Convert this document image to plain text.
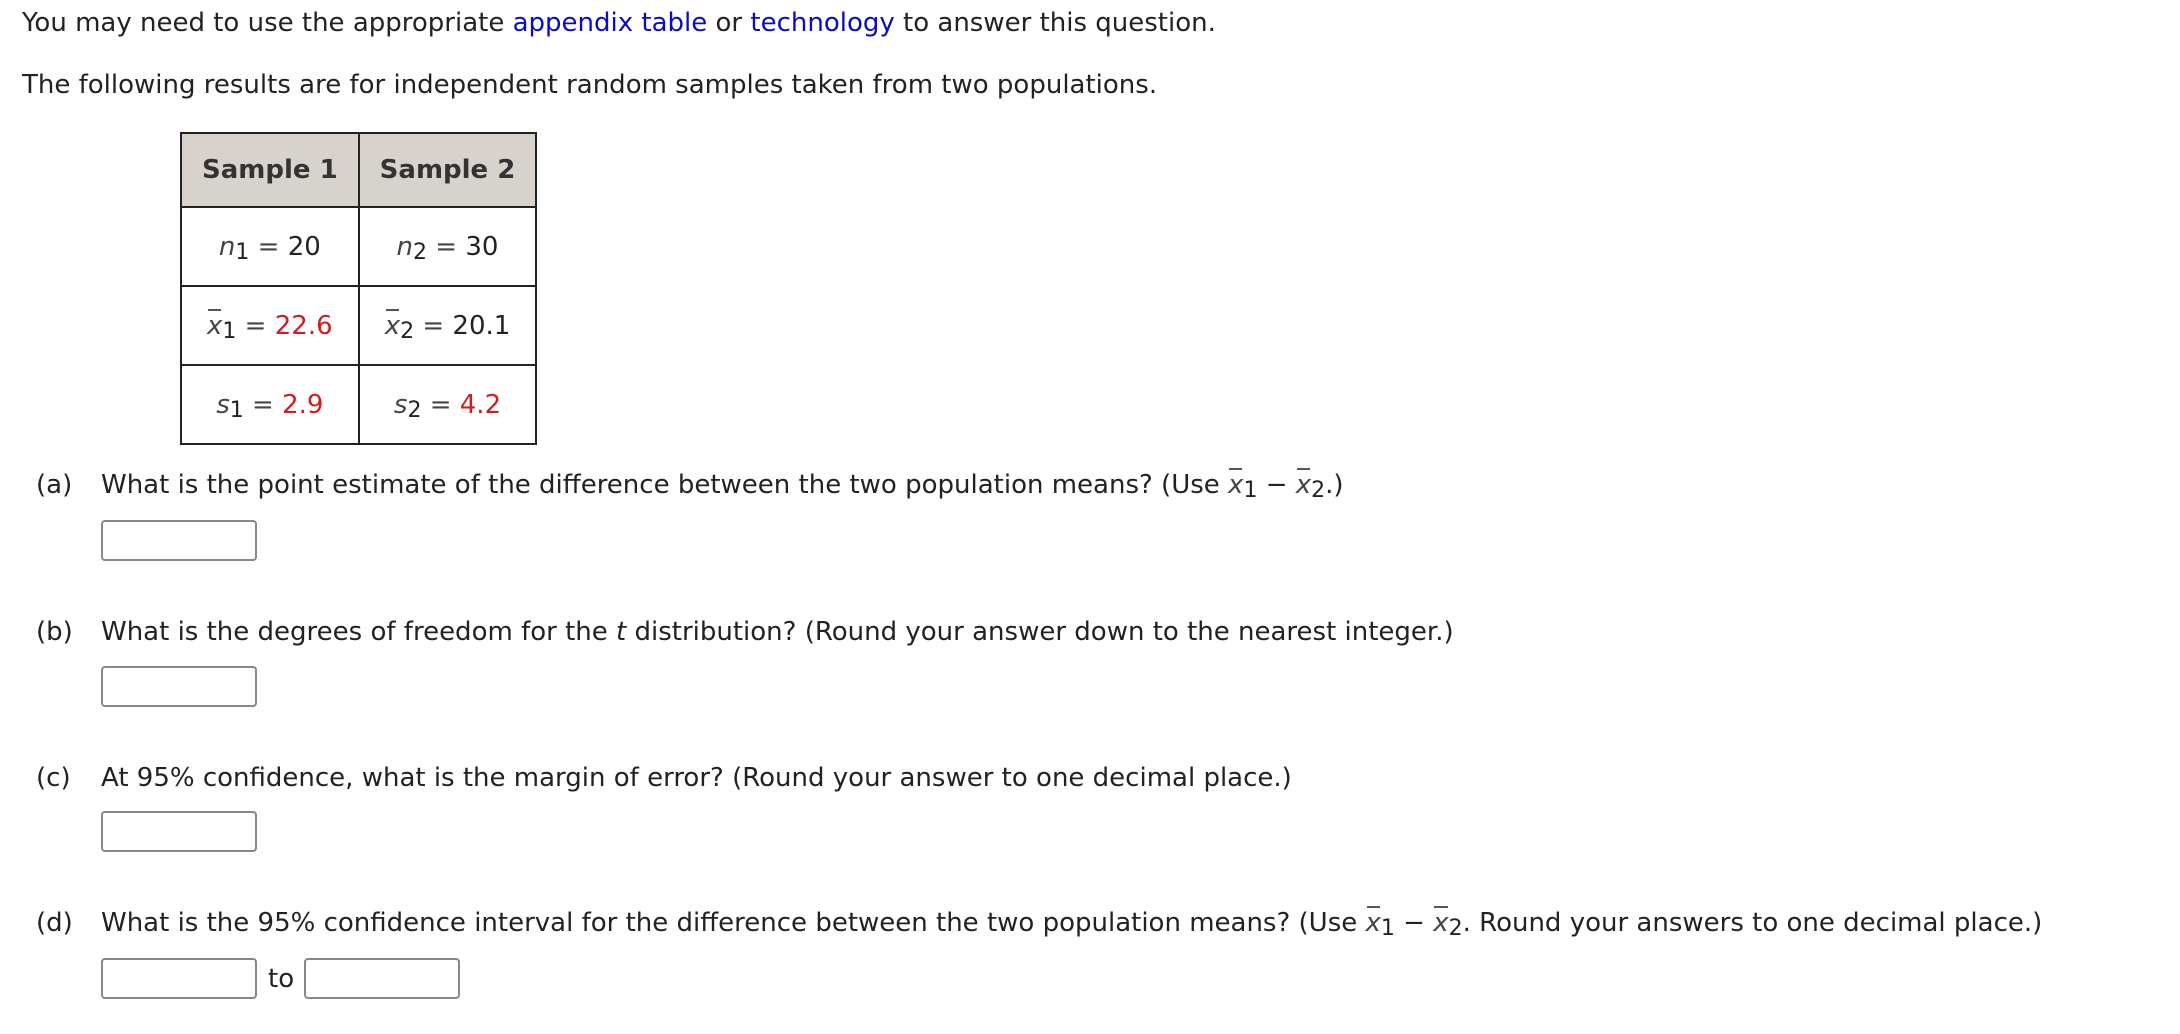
You may need to use the appropriate appendix table or technology to answer this question.
The following results are for independent random samples taken from two populations.
Sample 1	Sample 2
$n_1 = 20$	$n_2 = 30$
$x_1 = 22.6$	$x_2 = 20.1$
$s_1 = 2.9$	$s_2 = 4.2$
(a) What is the point estimate of the difference between the two population means? (Use $x_1 - x_2$.)
(b) What is the degrees of freedom for the t distribution? (Round your answer down to the nearest integer.)
(c) At 95% confidence, what is the margin of error? (Round your answer to one decimal place.)
(d) What is the 95% confidence interval for the difference between the two population means? (Use $x_1 - x_2$. Round your answers to one decimal place.)
to
